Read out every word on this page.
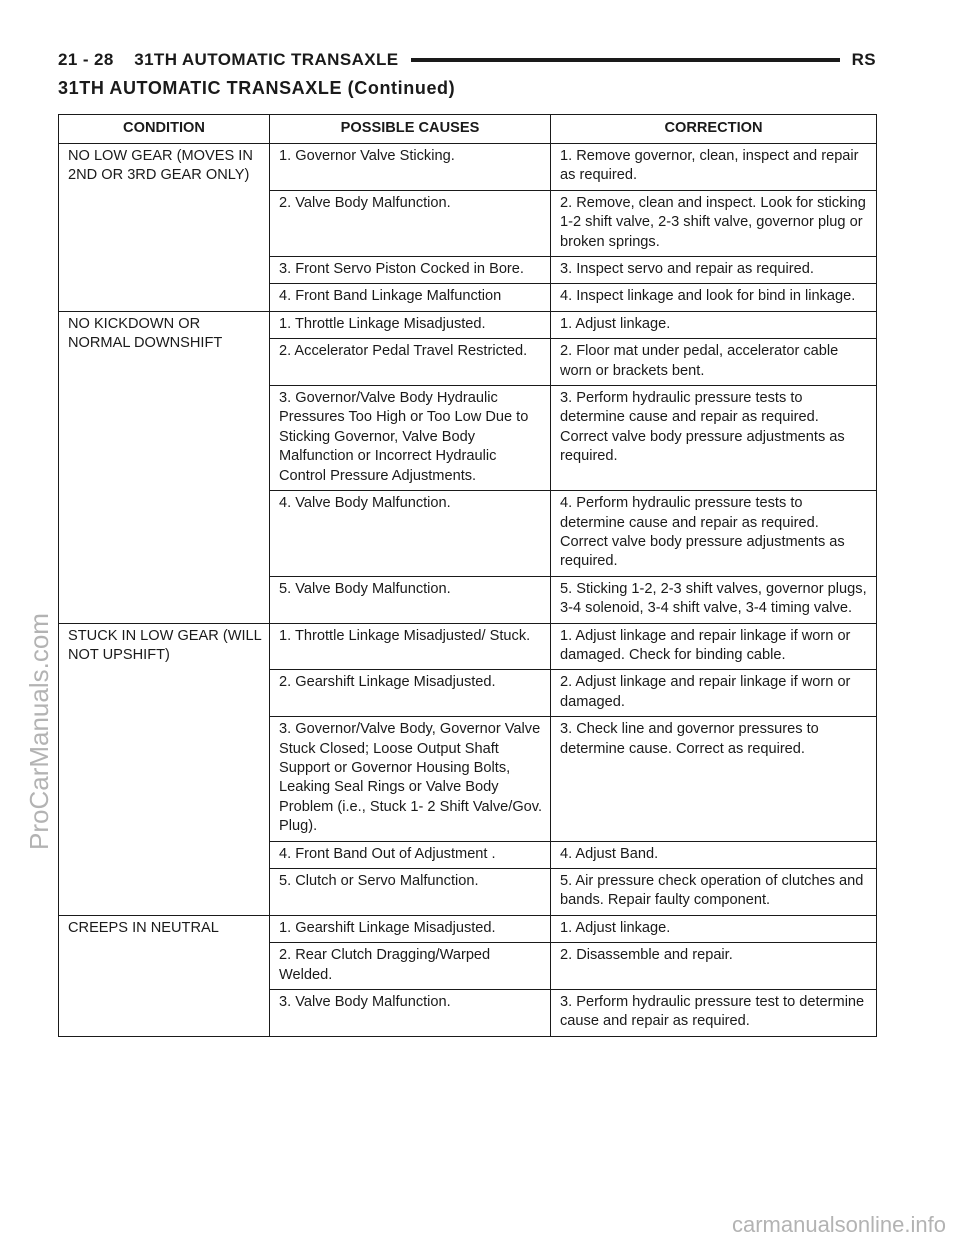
21 - 28    31TH AUTOMATIC TRANSAXLE	RS
31TH AUTOMATIC TRANSAXLE (Continued)
CONDITION	POSSIBLE CAUSES	CORRECTION
NO LOW GEAR (MOVES IN 2ND OR 3RD GEAR ONLY)	1. Governor Valve Sticking.	1. Remove governor, clean, inspect and repair as required.
	2. Valve Body Malfunction.	2. Remove, clean and inspect. Look for sticking 1-2 shift valve, 2-3 shift valve, governor plug or broken springs.
	3. Front Servo Piston Cocked in Bore.	3. Inspect servo and repair as required.
	4. Front Band Linkage Malfunction	4. Inspect linkage and look for bind in linkage.
NO KICKDOWN OR NORMAL DOWNSHIFT	1. Throttle Linkage Misadjusted.	1. Adjust linkage.
	2. Accelerator Pedal Travel Restricted.	2. Floor mat under pedal, accelerator cable worn or brackets bent.
	3. Governor/Valve Body Hydraulic Pressures Too High or Too Low Due to Sticking Governor, Valve Body Malfunction or Incorrect Hydraulic Control Pressure Adjustments.	3. Perform hydraulic pressure tests to determine cause and repair as required. Correct valve body pressure adjustments as required.
	4. Valve Body Malfunction.	4. Perform hydraulic pressure tests to determine cause and repair as required. Correct valve body pressure adjustments as required.
	5. Valve Body Malfunction.	5. Sticking 1-2, 2-3 shift valves, governor plugs, 3-4 solenoid, 3-4 shift valve, 3-4 timing valve.
STUCK IN LOW GEAR (WILL NOT UPSHIFT)	1. Throttle Linkage Misadjusted/ Stuck.	1. Adjust linkage and repair linkage if worn or damaged. Check for binding cable.
	2. Gearshift Linkage Misadjusted.	2. Adjust linkage and repair linkage if worn or damaged.
	3. Governor/Valve Body, Governor Valve Stuck Closed; Loose Output Shaft Support or Governor Housing Bolts, Leaking Seal Rings or Valve Body Problem (i.e., Stuck 1- 2 Shift Valve/Gov. Plug).	3. Check line and governor pressures to determine cause. Correct as required.
	4. Front Band Out of Adjustment .	4. Adjust Band.
	5. Clutch or Servo Malfunction.	5. Air pressure check operation of clutches and bands. Repair faulty component.
CREEPS IN NEUTRAL	1. Gearshift Linkage Misadjusted.	1. Adjust linkage.
	2. Rear Clutch Dragging/Warped Welded.	2. Disassemble and repair.
	3. Valve Body Malfunction.	3. Perform hydraulic pressure test to determine cause and repair as required.
ProCarManuals.com
carmanualsonline.info
